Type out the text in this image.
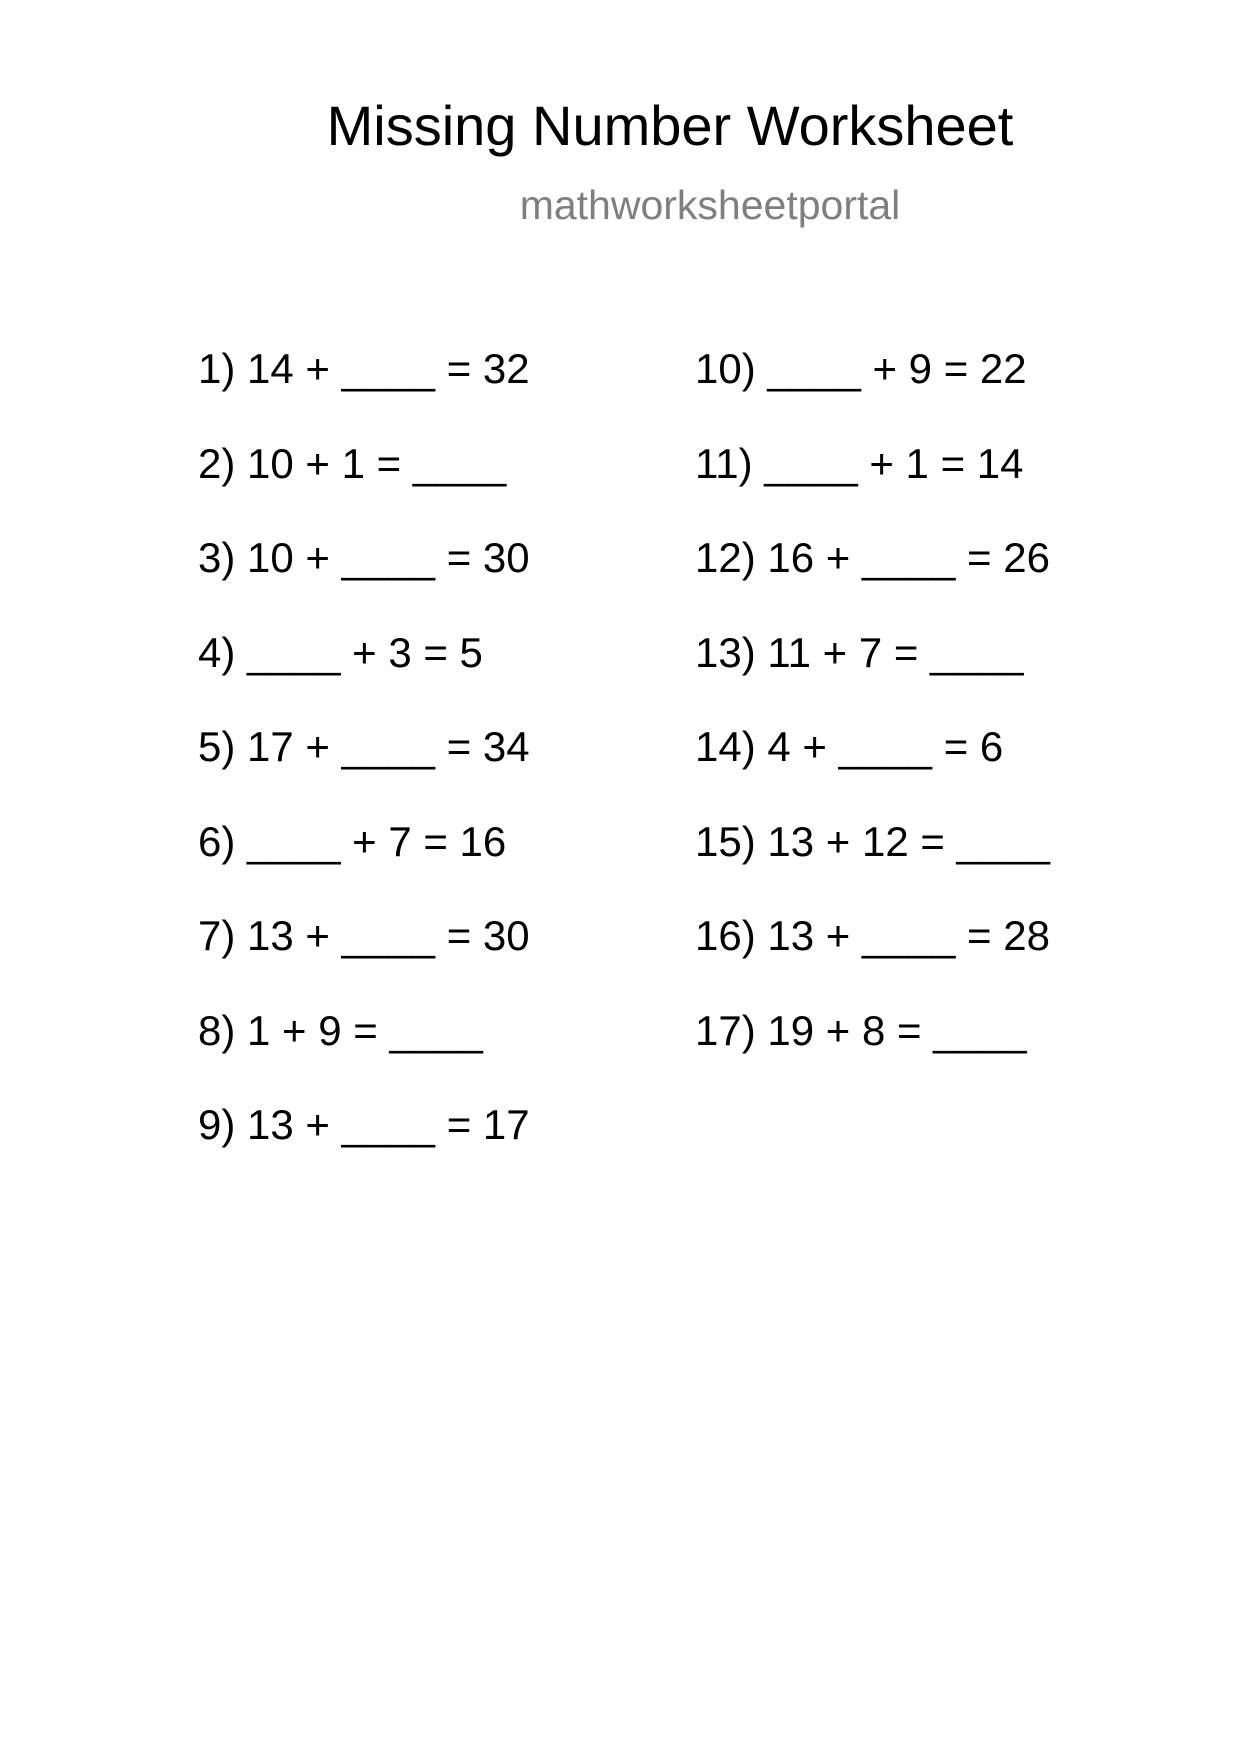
Missing Number Worksheet
mathworksheetportal
1) 14 + ____ = 32
2) 10 + 1 = ____
3) 10 + ____ = 30
4) ____ + 3 = 5
5) 17 + ____ = 34
6) ____ + 7 = 16
7) 13 + ____ = 30
8) 1 + 9 = ____
9) 13 + ____ = 17
10) ____ + 9 = 22
11) ____ + 1 = 14
12) 16 + ____ = 26
13) 11 + 7 = ____
14) 4 + ____ = 6
15) 13 + 12 = ____
16) 13 + ____ = 28
17) 19 + 8 = ____
